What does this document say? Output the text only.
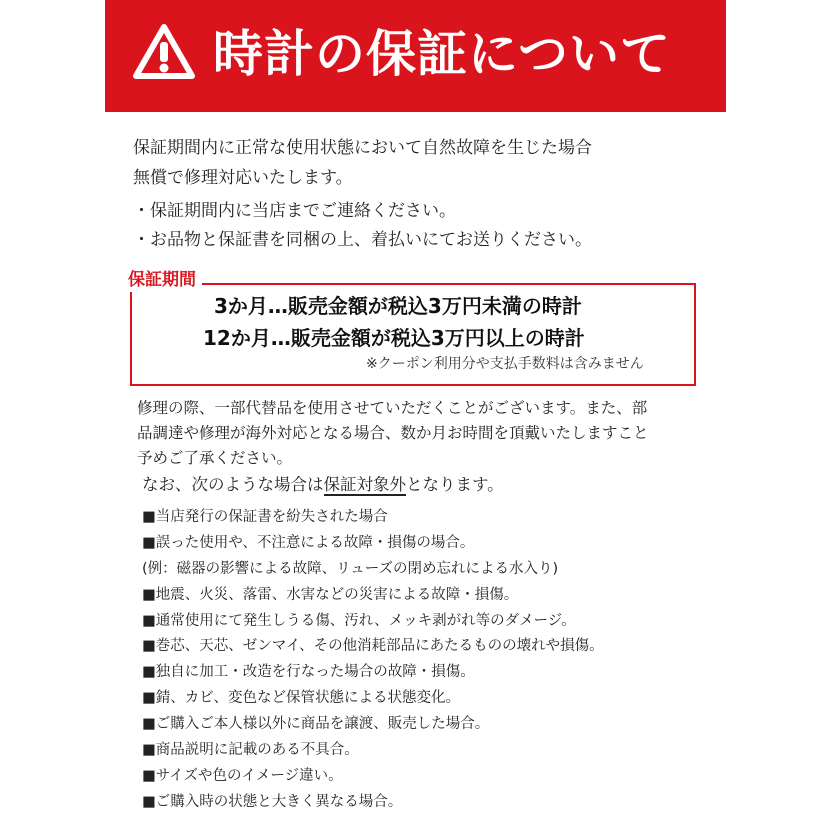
時計の保証について
保証期間内に正常な使用状態において自然故障を生じた場合
無償で修理対応いたします。
・保証期間内に当店までご連絡ください。
・お品物と保証書を同梱の上、着払いにてお送りください。
保証期間
3か月…販売金額が税込3万円未満の時計
12か月…販売金額が税込3万円以上の時計
※クーポン利用分や支払手数料は含みません
修理の際、一部代替品を使用させていただくことがございます。また、部
品調達や修理が海外対応となる場合、数か月お時間を頂戴いたしますこと
予めご了承ください。
なお、次のような場合は保証対象外となります。
■当店発行の保証書を紛失された場合
■誤った使用や、不注意による故障・損傷の場合。
(例：磁器の影響による故障、リューズの閉め忘れによる水入り)
■地震、火災、落雷、水害などの災害による故障・損傷。
■通常使用にて発生しうる傷、汚れ、メッキ剥がれ等のダメージ。
■巻芯、天芯、ゼンマイ、その他消耗部品にあたるものの壊れや損傷。
■独自に加工・改造を行なった場合の故障・損傷。
■錆、カビ、変色など保管状態による状態変化。
■ご購入ご本人様以外に商品を譲渡、販売した場合。
■商品説明に記載のある不具合。
■サイズや色のイメージ違い。
■ご購入時の状態と大きく異なる場合。
